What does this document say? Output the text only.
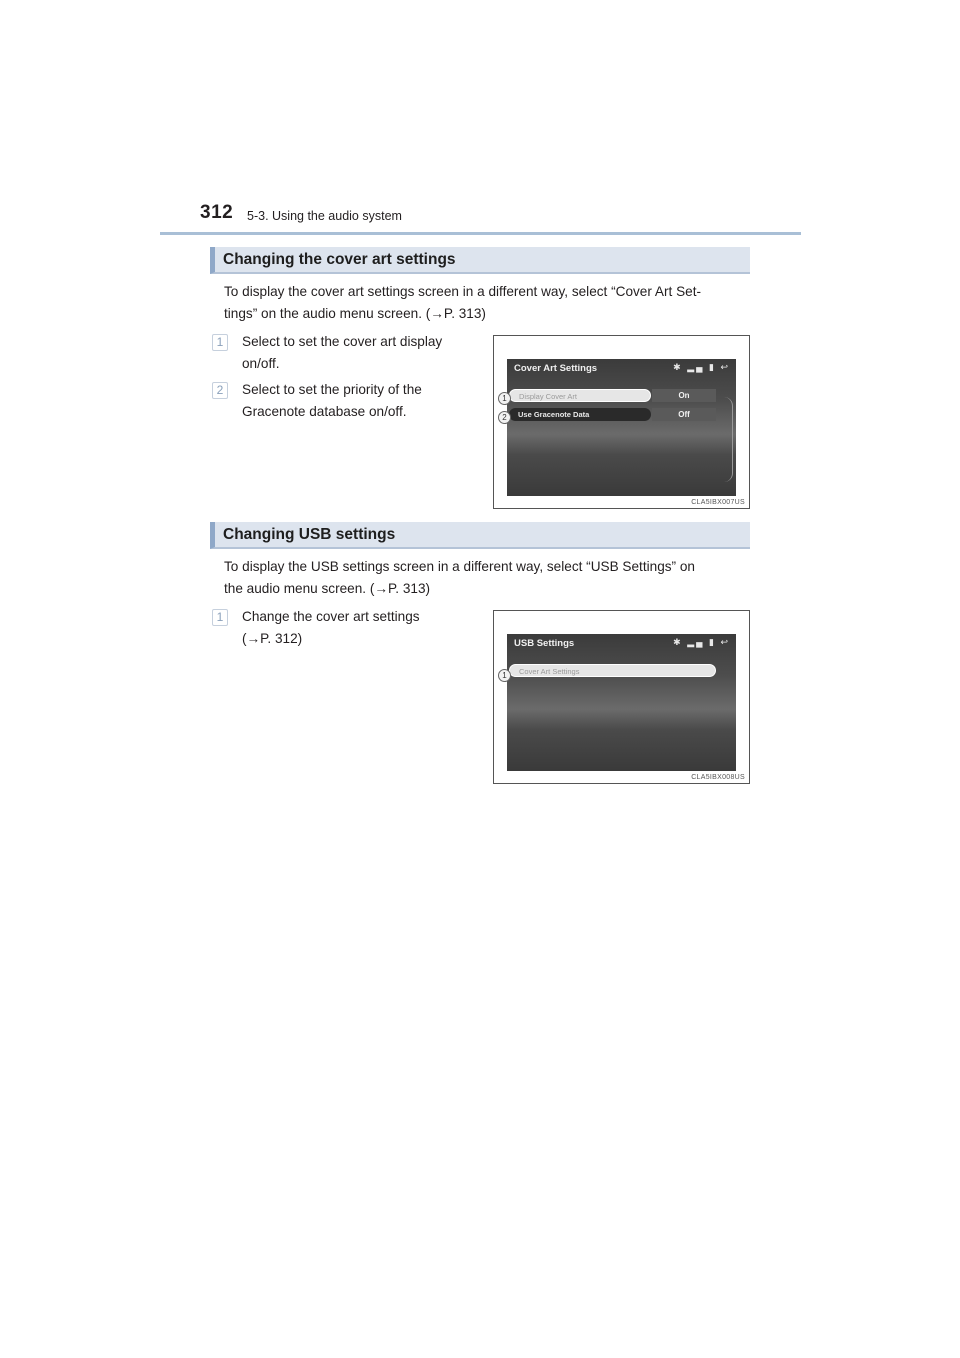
312 5-3. Using the audio system
Changing the cover art settings
To display the cover art settings screen in a different way, select “Cover Art Set-
tings” on the audio menu screen. (→P. 313)
1	Select to set the cover art display
on/off.
2	Select to set the priority of the
Gracenote database on/off.
Cover Art Settings	✱ ▂▄ ▮ ↩
Display Cover Art	On
Use Gracenote Data	Off
1
2
CLA5IBX007US
Changing USB settings
To display the USB settings screen in a different way, select “USB Settings” on
the audio menu screen. (→P. 313)
1	Change the cover art settings
(→P. 312)	USB Settings	✱ ▂▄ ▮ ↩
Cover Art Settings
1
CLA5IBX008US
